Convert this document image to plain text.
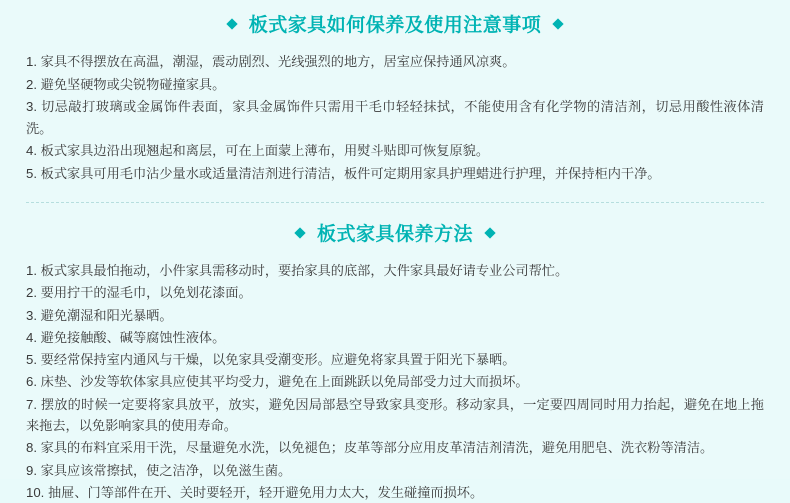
板式家具如何保养及使用注意事项
1. 家具不得摆放在高温，潮湿，震动剧烈、光线强烈的地方，居室应保持通风凉爽。
2. 避免坚硬物或尖锐物碰撞家具。
3. 切忌敲打玻璃或金属饰件表面，家具金属饰件只需用干毛巾轻轻抹拭，不能使用含有化学物的清洁剂，切忌用酸性液体清洗。
4. 板式家具边沿出现翘起和离层，可在上面蒙上薄布，用熨斗贴即可恢复原貌。
5. 板式家具可用毛巾沾少量水或适量清洁剂进行清洁，板件可定期用家具护理蜡进行护理，并保持柜内干净。
板式家具保养方法
1. 板式家具最怕拖动，小件家具需移动时，要抬家具的底部，大件家具最好请专业公司帮忙。
2. 要用拧干的湿毛巾，以免划花漆面。
3. 避免潮湿和阳光暴晒。
4. 避免接触酸、碱等腐蚀性液体。
5. 要经常保持室内通风与干燥，以免家具受潮变形。应避免将家具置于阳光下暴晒。
6. 床垫、沙发等软体家具应使其平均受力，避免在上面跳跃以免局部受力过大而损坏。
7. 摆放的时候一定要将家具放平，放实，避免因局部悬空导致家具变形。移动家具，一定要四周同时用力抬起，避免在地上拖来拖去，以免影响家具的使用寿命。
8. 家具的布料宜采用干洗，尽量避免水洗，以免褪色；皮革等部分应用皮革清洁剂清洗，避免用肥皂、洗衣粉等清洁。
9. 家具应该常擦拭，使之洁净，以免滋生菌。
10. 抽屉、门等部件在开、关时要轻开，轻开避免用力太大，发生碰撞而损坏。
